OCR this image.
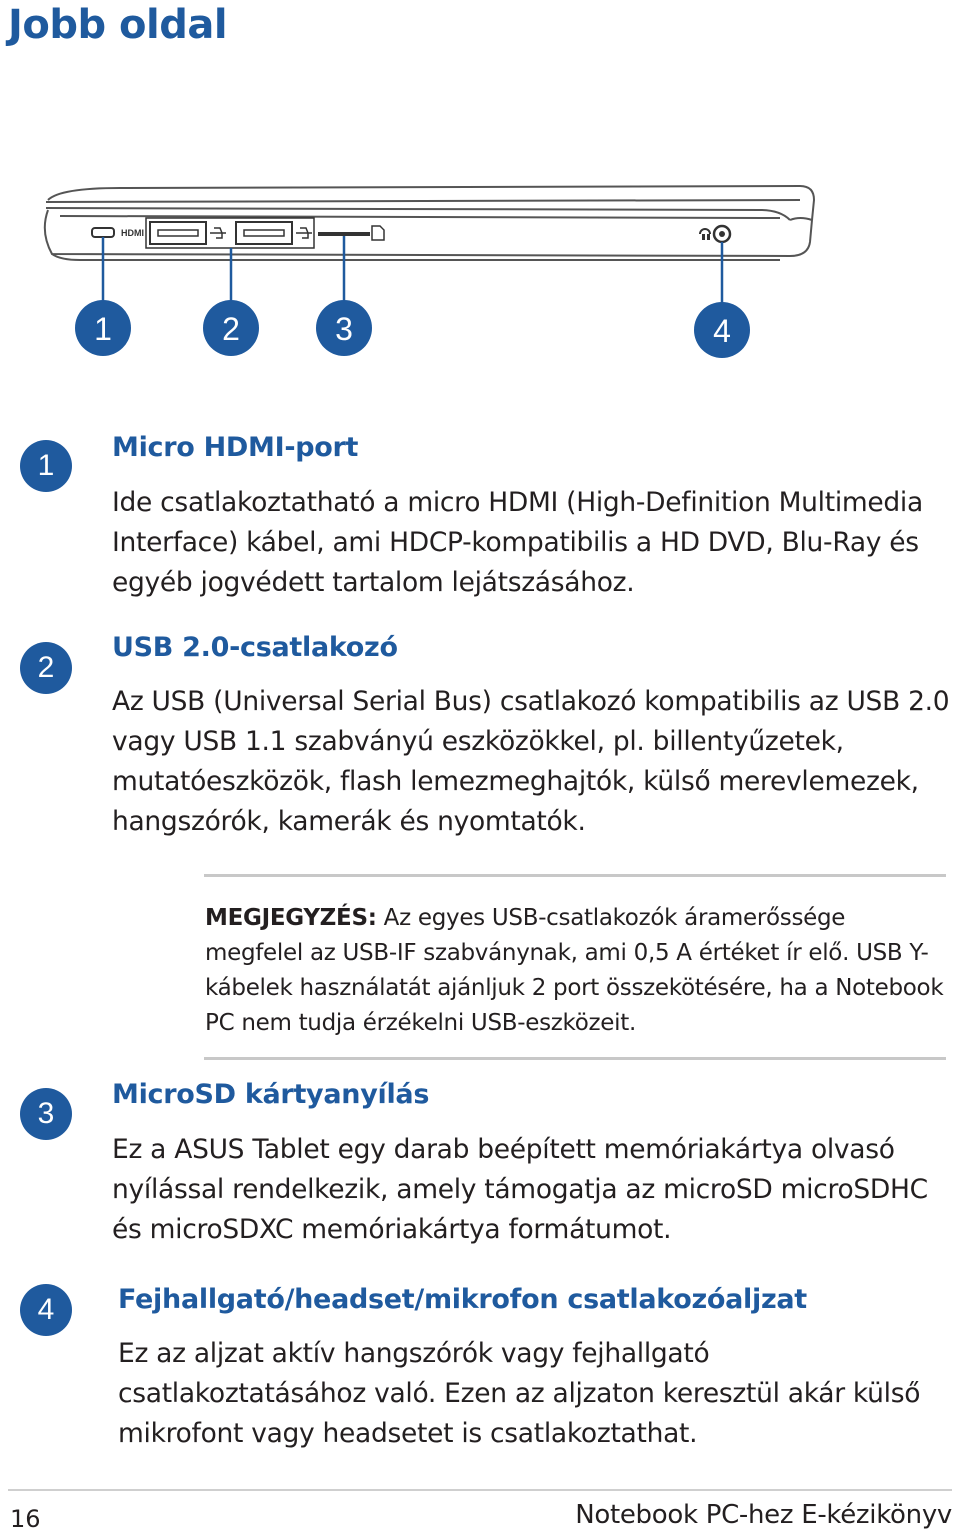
Jobb oldal
HDMI
1	2	3	4
1
Micro HDMI-port
Ide csatlakoztatható a micro HDMI (High-Definition Multimedia Interface) kábel, ami HDCP-kompatibilis a HD DVD, Blu-Ray és egyéb jogvédett tartalom lejátszásához.
2
USB 2.0-csatlakozó
Az USB (Universal Serial Bus) csatlakozó kompatibilis az USB 2.0 vagy USB 1.1 szabványú eszközökkel, pl. billentyűzetek, mutatóeszközök, flash lemezmeghajtók, külső merevlemezek, hangszórók, kamerák és nyomtatók.
MEGJEGYZÉS: Az egyes USB-csatlakozók áramerőssége megfelel az USB-IF szabványnak, ami 0,5 A értéket ír elő. USB Y-kábelek használatát ajánljuk 2 port összekötésére, ha a Notebook PC nem tudja érzékelni USB-eszközeit.
3
MicroSD kártyanyílás
Ez a ASUS Tablet egy darab beépített memóriakártya olvasó nyílással rendelkezik, amely támogatja az microSD microSDHC és microSDXC memóriakártya formátumot.
4	Fejhallgató/headset/mikrofon csatlakozóaljzat
Ez az aljzat aktív hangszórók vagy fejhallgató csatlakoztatásához való. Ezen az aljzaton keresztül akár külső mikrofont vagy headsetet is csatlakoztathat.
16	Notebook PC-hez E-kézikönyv
